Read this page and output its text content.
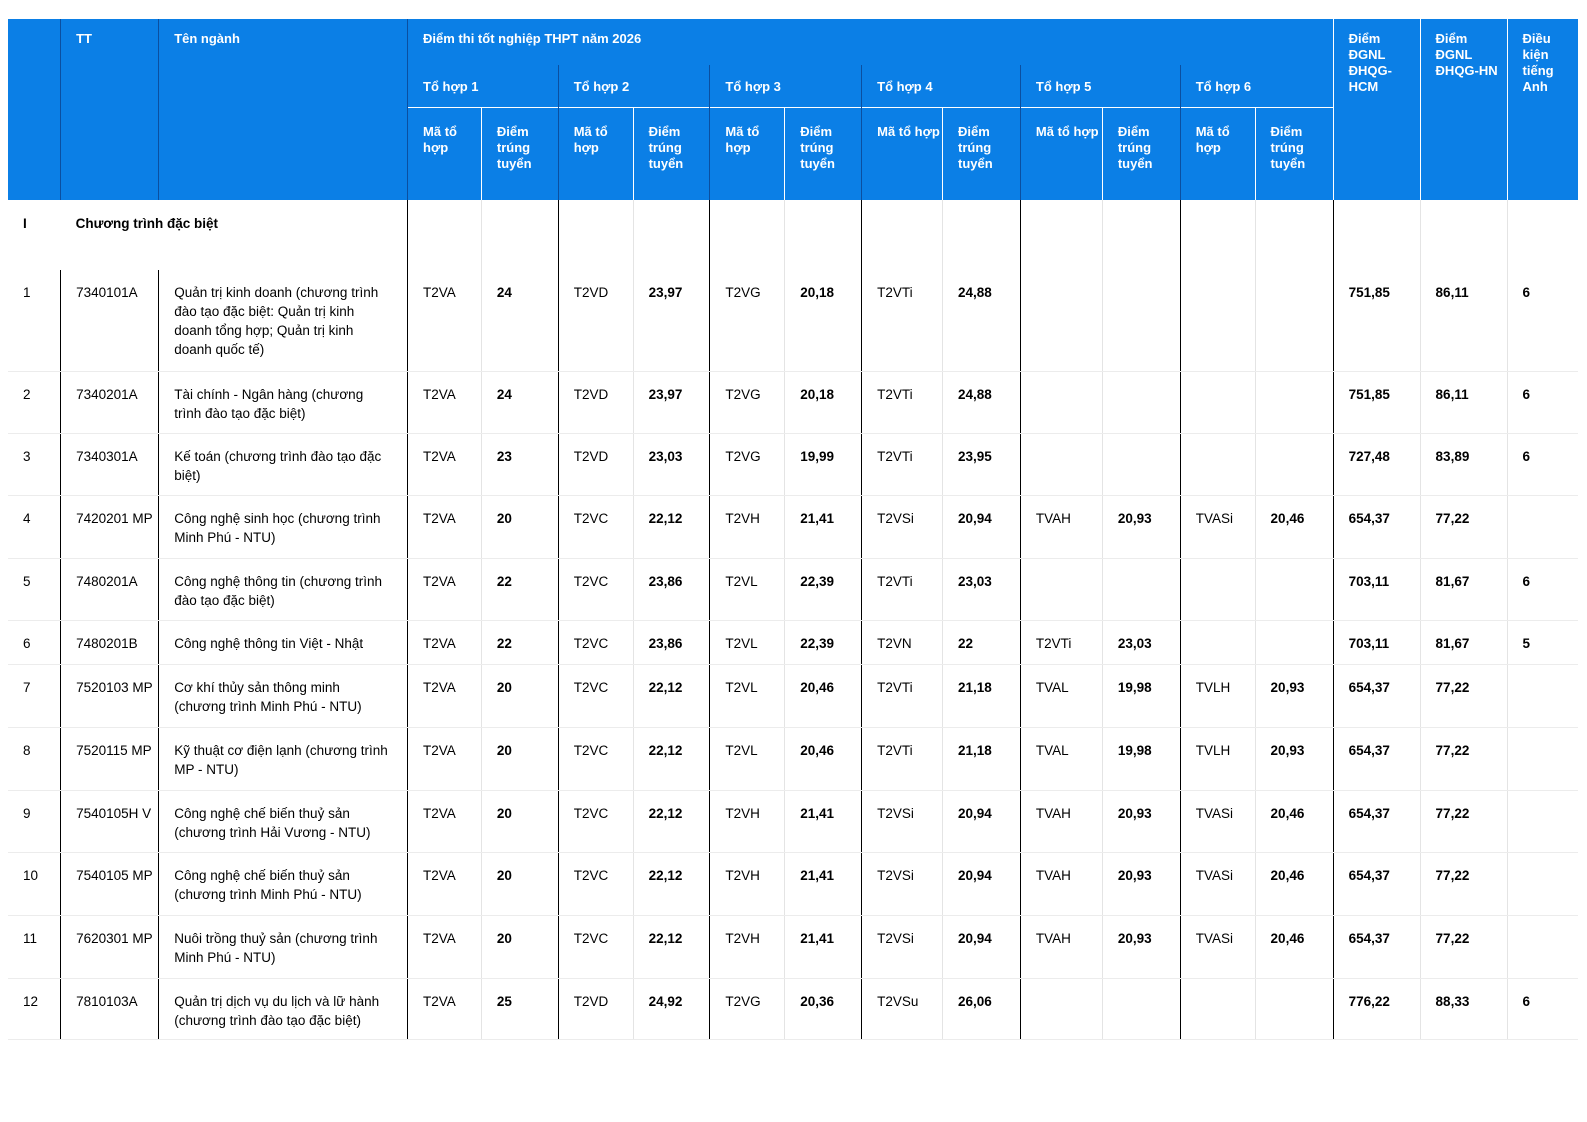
	TT	Tên ngành	Điểm thi tốt nghiệp THPT năm 2026												Điểm ĐGNL ĐHQG-HCM	Điểm ĐGNL ĐHQG-HN	Điều kiện tiếng Anh
			Tổ hợp 1		Tổ hợp 2		Tổ hợp 3		Tổ hợp 4		Tổ hợp 5		Tổ hợp 6				
			Mã tổ hợp	Điểm trúng tuyển	Mã tổ hợp	Điểm trúng tuyển	Mã tổ hợp	Điểm trúng tuyển	Mã tổ hợp	Điểm trúng tuyển	Mã tổ hợp	Điểm trúng tuyển	Mã tổ hợp	Điểm trúng tuyển			
I	Chương trình đặc biệt																
1	7340101A	Quản trị kinh doanh (chương trình đào tạo đặc biệt: Quản trị kinh doanh tổng hợp; Quản trị kinh doanh quốc tế)	T2VA	24	T2VD	23,97	T2VG	20,18	T2VTi	24,88					751,85	86,11	6
2	7340201A	Tài chính - Ngân hàng (chương trình đào tạo đặc biệt)	T2VA	24	T2VD	23,97	T2VG	20,18	T2VTi	24,88					751,85	86,11	6
3	7340301A	Kế toán (chương trình đào tạo đặc biệt)	T2VA	23	T2VD	23,03	T2VG	19,99	T2VTi	23,95					727,48	83,89	6
4	7420201 MP	Công nghệ sinh học (chương trình Minh Phú - NTU)	T2VA	20	T2VC	22,12	T2VH	21,41	T2VSi	20,94	TVAH	20,93	TVASi	20,46	654,37	77,22	
5	7480201A	Công nghệ thông tin (chương trình đào tạo đặc biệt)	T2VA	22	T2VC	23,86	T2VL	22,39	T2VTi	23,03					703,11	81,67	6
6	7480201B	Công nghệ thông tin Việt - Nhật	T2VA	22	T2VC	23,86	T2VL	22,39	T2VN	22	T2VTi	23,03			703,11	81,67	5
7	7520103 MP	Cơ khí thủy sản thông minh (chương trình Minh Phú - NTU)	T2VA	20	T2VC	22,12	T2VL	20,46	T2VTi	21,18	TVAL	19,98	TVLH	20,93	654,37	77,22	
8	7520115 MP	Kỹ thuật cơ điện lạnh (chương trình MP - NTU)	T2VA	20	T2VC	22,12	T2VL	20,46	T2VTi	21,18	TVAL	19,98	TVLH	20,93	654,37	77,22	
9	7540105H V	Công nghệ chế biến thuỷ sản (chương trình Hải Vương - NTU)	T2VA	20	T2VC	22,12	T2VH	21,41	T2VSi	20,94	TVAH	20,93	TVASi	20,46	654,37	77,22	
10	7540105 MP	Công nghệ chế biến thuỷ sản (chương trình Minh Phú - NTU)	T2VA	20	T2VC	22,12	T2VH	21,41	T2VSi	20,94	TVAH	20,93	TVASi	20,46	654,37	77,22	
11	7620301 MP	Nuôi trồng thuỷ sản (chương trình Minh Phú - NTU)	T2VA	20	T2VC	22,12	T2VH	21,41	T2VSi	20,94	TVAH	20,93	TVASi	20,46	654,37	77,22	
12	7810103A	Quản trị dịch vụ du lịch và lữ hành (chương trình đào tạo đặc biệt)	T2VA	25	T2VD	24,92	T2VG	20,36	T2VSu	26,06					776,22	88,33	6
